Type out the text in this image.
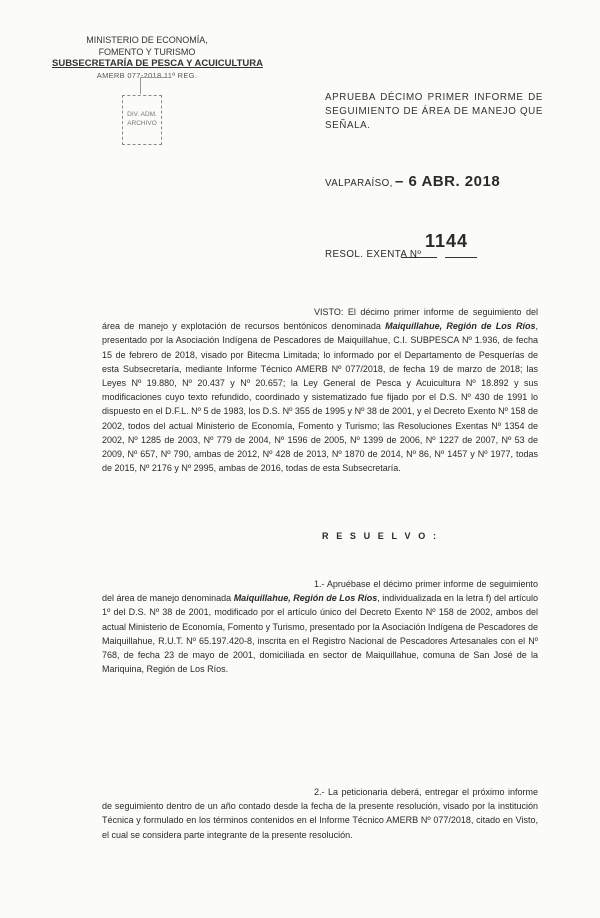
MINISTERIO DE ECONOMÍA,
FOMENTO Y TURISMO
SUBSECRETARÍA DE PESCA Y ACUICULTURA
AMERB 077-2018 11ª REG.
DIV. ADM.
ARCHIVO
APRUEBA DÉCIMO PRIMER INFORME DE SEGUIMIENTO DE ÁREA DE MANEJO QUE SEÑALA.
VALPARAÍSO, – 6 ABR. 2018
RESOL. EXENTA Nº
1144
VISTO: El décimo primer informe de seguimiento del área de manejo y explotación de recursos bentónicos denominada Maiquillahue, Región de Los Ríos, presentado por la Asociación Indígena de Pescadores de Maiquillahue, C.I. SUBPESCA Nº 1.936, de fecha 15 de febrero de 2018, visado por Bitecma Limitada; lo informado por el Departamento de Pesquerías de esta Subsecretaría, mediante Informe Técnico AMERB Nº 077/2018, de fecha 19 de marzo de 2018; las Leyes Nº 19.880, Nº 20.437 y Nº 20.657; la Ley General de Pesca y Acuicultura Nº 18.892 y sus modificaciones cuyo texto refundido, coordinado y sistematizado fue fijado por el D.S. Nº 430 de 1991 lo dispuesto en el D.F.L. Nº 5 de 1983, los D.S. Nº 355 de 1995 y Nº 38 de 2001, y el Decreto Exento Nº 158 de 2002, todos del actual Ministerio de Economía, Fomento y Turismo; las Resoluciones Exentas Nº 1354 de 2002, Nº 1285 de 2003, Nº 779 de 2004, Nº 1596 de 2005, Nº 1399 de 2006, Nº 1227 de 2007, Nº 53 de 2009, Nº 657, Nº 790, ambas de 2012, Nº 428 de 2013, Nº 1870 de 2014, Nº 86, Nº 1457 y Nº 1977, todas de 2015, Nº 2176 y Nº 2995, ambas de 2016, todas de esta Subsecretaría.
R E S U E L V O :
1.- Apruébase el décimo primer informe de seguimiento del área de manejo denominada Maiquillahue, Región de Los Ríos, individualizada en la letra f) del artículo 1º del D.S. Nº 38 de 2001, modificado por el artículo único del Decreto Exento Nº 158 de 2002, ambos del actual Ministerio de Economía, Fomento y Turismo, presentado por la Asociación Indígena de Pescadores de Maiquillahue, R.U.T. Nº 65.197.420-8, inscrita en el Registro Nacional de Pescadores Artesanales con el Nº 768, de fecha 23 de mayo de 2001, domiciliada en sector de Maiquillahue, comuna de San José de la Mariquina, Región de Los Ríos.
2.- La peticionaria deberá, entregar el próximo informe de seguimiento dentro de un año contado desde la fecha de la presente resolución, visado por la institución Técnica y formulado en los términos contenidos en el Informe Técnico AMERB Nº 077/2018, citado en Visto, el cual se considera parte integrante de la presente resolución.
